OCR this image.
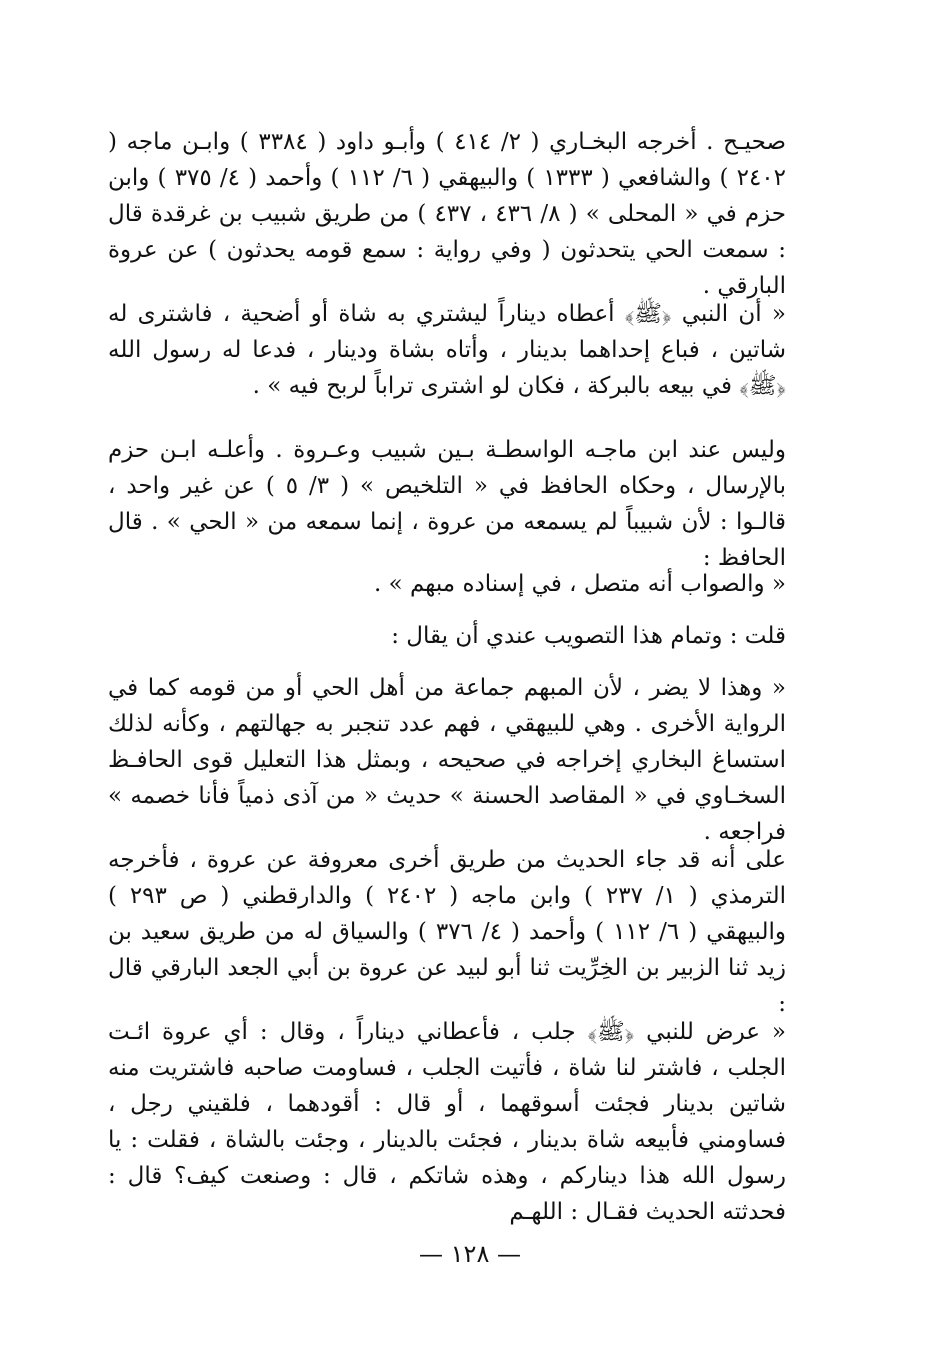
صحيـح . أخرجه البخـاري ( ٢/ ٤١٤ ) وأبـو داود ( ٣٣٨٤ ) وابـن ماجه ( ٢٤٠٢ ) والشافعي ( ١٣٣٣ ) والبيهقي ( ٦/ ١١٢ ) وأحمد ( ٤/ ٣٧٥ ) وابن حزم في « المحلى » ( ٨/ ٤٣٦ ، ٤٣٧ ) من طريق شبيب بن غرقدة قال : سمعت الحي يتحدثون ( وفي رواية : سمع قومه يحدثون ) عن عروة البارقي .

« أن النبي ﴿ﷺ﴾ أعطاه ديناراً ليشتري به شاة أو أضحية ، فاشترى له شاتين ، فباع إحداهما بدينار ، وأتاه بشاة ودينار ، فدعا له رسول الله ﴿ﷺ﴾ في بيعه بالبركة ، فكان لو اشترى تراباً لربح فيه » .

وليس عند ابن ماجـه الواسطـة بـين شبيب وعـروة . وأعلـه ابـن حزم بالإرسال ، وحكاه الحافظ في « التلخيص » ( ٣/ ٥ ) عن غير واحد ، قالـوا : لأن شبيباً لم يسمعه من عروة ، إنما سمعه من « الحي » . قال الحافظ :

« والصواب أنه متصل ، في إسناده مبهم » .

قلت : وتمام هذا التصويب عندي أن يقال :

« وهذا لا يضر ، لأن المبهم جماعة من أهل الحي أو من قومه كما في الرواية الأخرى . وهي للبيهقي ، فهم عدد تنجبر به جهالتهم ، وكأنه لذلك استساغ البخاري إخراجه في صحيحه ، وبمثل هذا التعليل قوى الحافـظ السخـاوي في « المقاصد الحسنة » حديث « من آذى ذمياً فأنا خصمه » فراجعه .

على أنه قد جاء الحديث من طريق أخرى معروفة عن عروة ، فأخرجه الترمذي ( ١/ ٢٣٧ ) وابن ماجه ( ٢٤٠٢ ) والدارقطني ( ص ٢٩٣ ) والبيهقي ( ٦/ ١١٢ ) وأحمد ( ٤/ ٣٧٦ ) والسياق له من طريق سعيد بن زيد ثنا الزبير بن الخِرِّيت ثنا أبو لبيد عن عروة بن أبي الجعد البارقي قال :

« عرض للنبي ﴿ﷺ﴾ جلب ، فأعطاني ديناراً ، وقال : أي عروة ائـت الجلب ، فاشتر لنا شاة ، فأتيت الجلب ، فساومت صاحبه فاشتريت منه شاتين بدينار فجئت أسوقهما ، أو قال : أقودهما ، فلقيني رجل ، فساومني فأبيعه شاة بدينار ، فجئت بالدينار ، وجئت بالشاة ، فقلت : يا رسول الله هذا ديناركم ، وهذه شاتكم ، قال : وصنعت كيف؟ قال : فحدثته الحديث فقـال : اللهـم

— ١٢٨ —
